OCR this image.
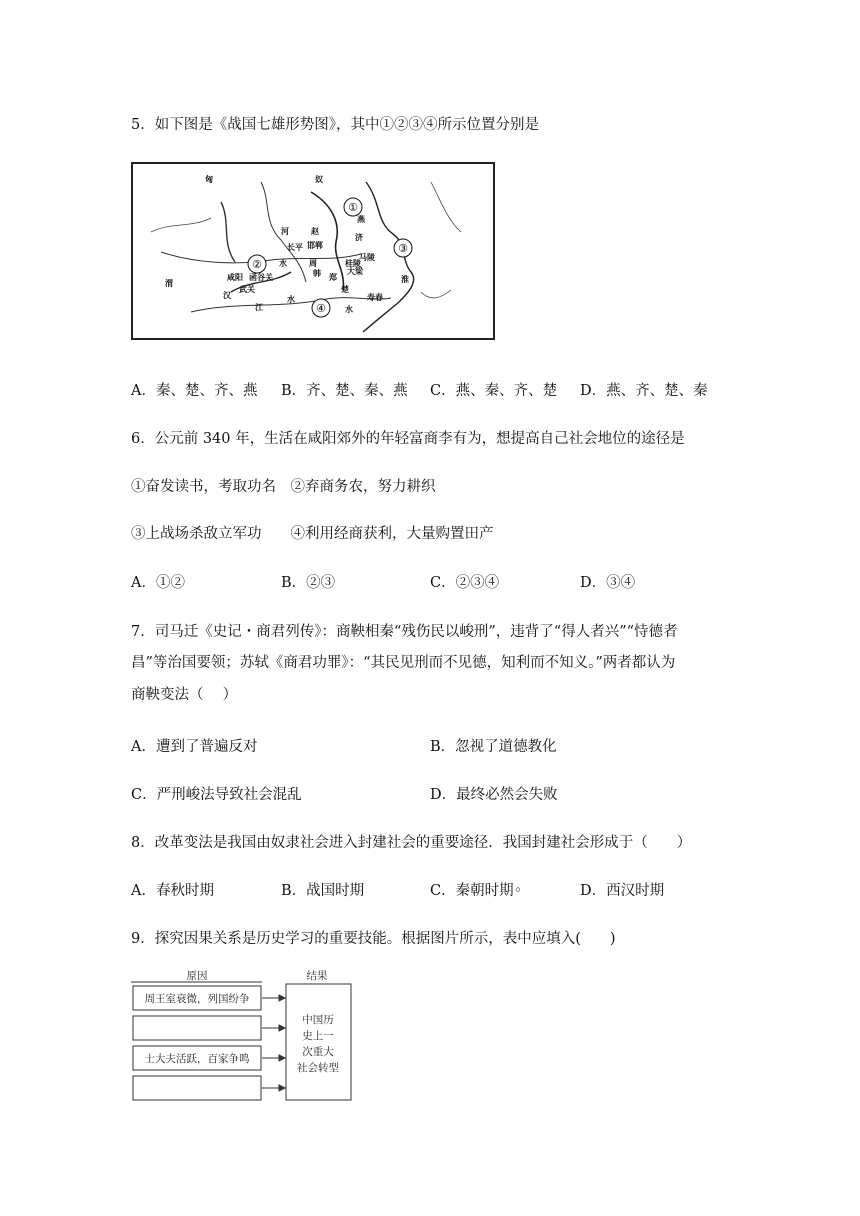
5．如下图是《战国七雄形势图》，其中①②③④所示位置分别是
①
②
③
④
匈	奴
燕
河	赵
邯郸
长平
济
马陵
水	周	桂陵
大梁
咸阳 函谷关	韩 郑
渭
武关
汉	水
淮
江	水
寿春
楚
A．秦、楚、齐、燕 B．齐、楚、秦、燕 C．燕、秦、齐、楚 D．燕、齐、楚、秦
6．公元前 340 年，生活在咸阳郊外的年轻富商李有为，想提高自己社会地位的途径是
①奋发读书，考取功名　②弃商务农，努力耕织
③上战场杀敌立军功　　④利用经商获利，大量购置田产
A．①②	B．②③	C．②③④	D．③④
7．司马迁《史记・商君列传》：商鞅相秦“残伤民以峻刑”，违背了“得人者兴”“恃德者
昌”等治国要领；苏轼《商君功罪》：“其民见刑而不见德，知利而不知义。”两者都认为
商鞅变法（　 ）
A．遭到了普遍反对	B．忽视了道德教化
C．严刑峻法导致社会混乱	D．最终必然会失败
8．改革变法是我国由奴隶社会进入封建社会的重要途径．我国封建社会形成于（　　）
A．春秋时期	B．战国时期	C．秦朝时期◦	D．西汉时期
9．探究因果关系是历史学习的重要技能。根据图片所示，表中应填入(　　)
原因	结果
周王室衰微，列国纷争
士大夫活跃，百家争鸣
中国历
史上一
次重大
社会转型
